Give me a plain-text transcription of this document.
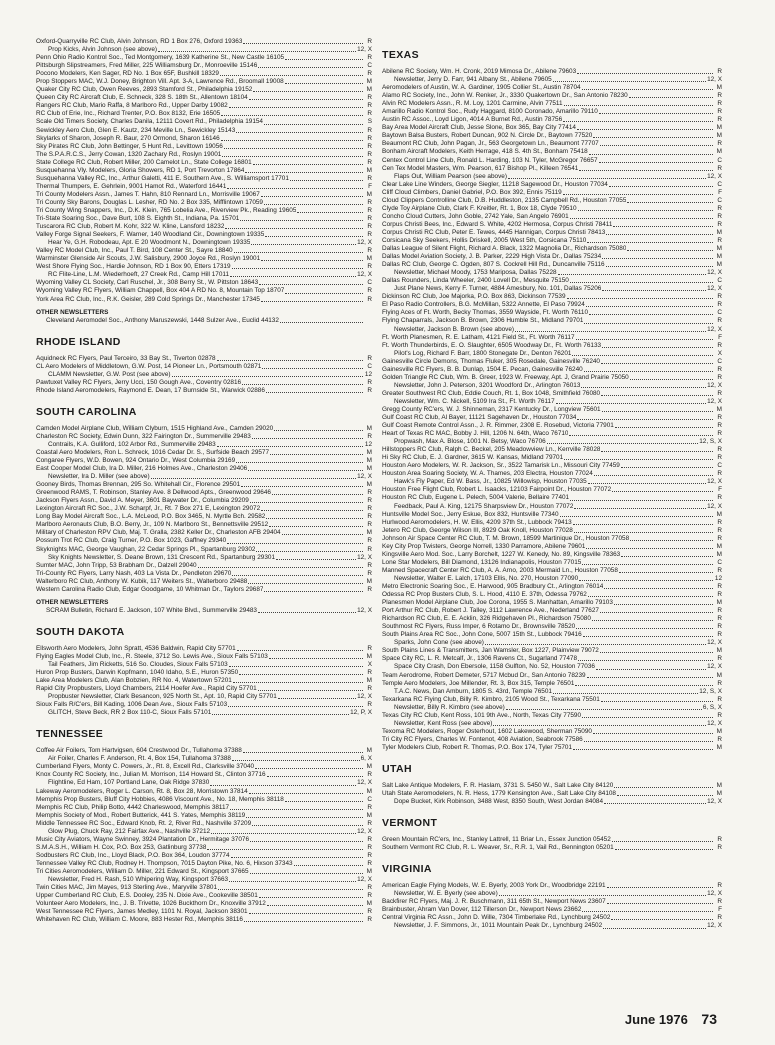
Oxford-Quarryville RC Club, Alvin Johnson, RD 1 Box 276, Oxford 19363	R
Prop Kicks, Alvin Johnson (see above)	12, X
Penn Ohio Radio Kontrol Soc., Ted Montgomery, 1639 Katherine St., New Castle 16105	R
Pittsburgh Slipstreamers, Fred Miller, 225 Williamsburg Dr., Monroeville 15146	C
Pocono Modelers, Ken Sager, RD No. 1 Box 65F, Bushkill 18329	R
Prop Stoppers MAC, W.J. Doney, Brighton Vill. Apt. 3-A, Lawrence Rd., Broomall 19008	M
Quaker City RC Club, Owen Reeves, 2893 Stamford St., Philadelphia 19152	M
Queen City RC Aircraft Club, E. Schneck, 328 S. 18th St., Allentown 18104	R
Rangers RC Club, Mario Raffa, 8 Marlboro Rd., Upper Darby 19082	R
RC Club of Erie, Inc., Richard Trenter, P.O. Box 8132, Erie 16505	R
Scale Old Timers Society, Charles Danila, 12111 Covert Rd., Philadelphia 19154	S
Sewickley Aero Club, Glen E. Kautz, 234 Meville Ln., Sewickley 15143	R
Skylarks of Sharon, Joseph R. Baur, 270 Ormond, Sharon 16146	R
Sky Pirates RC Club, John Bettinger, 5 Hunt Rd., Levittown 19056	R
The S.P.A.R.C.S., Jerry Cowan, 1320 Zachary Rd., Roslyn 19001	R
State College RC Club, Robert Miller, 200 Camelot Ln., State College 16801	R
Susquehanna Vly. Modelers, Gloria Showers, RD 1, Port Trevorton 17864	M
Susquehanna Valley RC, Inc., Arthur Galetti, 411 E. Southern Ave., S. Williamsport 17701	R
Thermal Thumpers, E. Gehrlein, 9001 Hamot Rd., Waterford 16441	F
Tri County Modelers Assn., James T. Hahn, 810 Rennard Ln., Morrisville 19067	M
Tri County Sky Barons, Douglas L. Lesher, RD No. 2 Box 335, Mifflintown 17059	R
Tri County Wing Snappers, Inc., D.K. Klein, 765 Lobelia Ave., Riverview Pk., Reading 19605	R
Tri-State Soaring Soc., Dave Burt, 108 S. Eighth St., Indiana, Pa. 15701	R
Tuscarora RC Club, Robert M. Kohr, 322 W. Kline, Lansford 18232	R
Valley Forge Signal Seekers, F. Warner, 140 Woodland Cir., Downingtown 19335	R
Hear Ye, G.H. Robodeau, Apt. E 20 Woodmont N., Downingtown 19335	12, X
Valley RC Model Club, Inc., Paul T. Bird, 108 Center St., Sayre 18840	R
Warminster Glenside Air Scouts, J.W. Salisbury, 2900 Joyce Rd., Roslyn 19001	M
West Shore Flying Soc., Hardie Johnson, RD 1 Box 90, Etters 17319	R
RC Flite-Line, L.M. Wiederhoeft, 27 Creek Rd., Camp Hill 17011	12, X
Wyoming Valley CL Society, Carl Ruschel, Jr., 308 Berry St., W. Pittston 18643	C
Wyoming Valley RC Flyers, William Chappell, Box 404 A RD No. 8, Mountain Top 18707	R
York Area RC Club, Inc., R.K. Geisler, 289 Cold Springs Dr., Manchester 17345	R
OTHER NEWSLETTERS
Cleveland Aeromodel Soc., Anthony Maruszewski, 1448 Sulzer Ave., Euclid 44132
RHODE ISLAND
Aquidneck RC Flyers, Paul Terceiro, 33 Bay St., Tiverton 02878	R
CL Aero Modelers of Middletown, G.W. Post, 14 Pioneer Ln., Portsmouth 02871	C
CLAMM Newsletter, G.W. Post (see above)	12
Pawtuxet Valley RC Flyers, Jerry Ucci, 150 Gough Ave., Coventry 02816	R
Rhode Island Aeromodelers, Raymond E. Dean, 17 Burnside St., Warwick 02886	R
SOUTH CAROLINA
Camden Model Airplane Club, William Clyburn, 1515 Highland Ave., Camden 29020	M
Charleston RC Society, Edwin Dunn, 322 Fairington Dr., Summerville 29483	R
Contrails, K.A. Gulliford, 102 Arbor Rd., Summerville 29483	12
Coastal Aero Modelers, Ron L. Schreck, 1016 Cedar Dr. S., Surfside Beach 29577	M
Congaree Flyers, W.D. Bowen, 924 Ontario Dr., West Columbia 29169	M
East Cooper Model Club, Ira D. Miller, 216 Holmes Ave., Charleston 29406	M
Newsletter, Ira D. Miller (see above)	12, X
Gooney Birds, Thomas Brennan, 295 So. Whitehall Cir., Florence 29501	M
Greenwood RAMS, T. Robinson, Stanley Ave. 8 Dellwood Apts., Greenwood 29646	R
Jackson Flyers Assn., David A. Meyer, 3601 Baywater Dr., Columbia 29209	R
Lexington Aircraft RC Soc., J.W. Scharpf, Jr., Rt. 7 Box 271 E, Lexington 29072	R
Long Bay Model Aircraft Soc., L.A. McLeod, P.O. Box 3465, N. Myrtle Bch. 29582	R
Marlboro Aeronauts Club, B.O. Berry, Jr., 109 N. Marlboro St., Bennettsville 29512	R
Military of Charleston RPV Club, Maj. T. Gralla, 2382 Keller Dr., Charleston AFB 29404	M
Possum Trot RC Club, Craig Turner, P.O. Box 1023, Gaffney 29340	R
Skyknights MAC, George Vaughan, 22 Cedar Springs Pl., Spartanburg 29302	R
Sky Knights Newsletter, S. Deane Brown, 131 Crescent Rd., Spartanburg 29301	12, X
Sumter MAC, John Tripp, 53 Brabham Dr., Dalzell 29040	R
Tri-County RC Flyers, Larry Nash, 403 La Vista Dr., Pendleton 29670	R
Walterboro RC Club, Anthony W. Kubik, 117 Weiters St., Walterboro 29488	M
Western Carolina Radio Club, Edgar Goodgame, 10 Whitman Dr., Taylors 29687	R
OTHER NEWSLETTERS
SCRAM Bulletin, Richard E. Jackson, 107 White Blvd., Summerville 29483	12, X
SOUTH DAKOTA
Ellsworth Aero Modelers, John Spratt, 4536 Baldwin, Rapid City 57701	R
Flying Eagles Model Club, Inc., R. Steele, 3712 So. Lewis Ave., Sioux Falls 57103	M
Tail Feathers, Jim Ricketts, 516 So. Cloudes, Sioux Falls 57103	X
Huron Prop Busters, Darwin Kopfmann, 1040 Idaho, S.E., Huron 57350	R
Lake Area Modelers Club, Alan Bobzien, RR No. 4, Watertown 57201	M
Rapid City Propbusters, Lloyd Chambers, 2114 Hoefer Ave., Rapid City 57701	R
Propbuster Newsletter, Clark Besancon, 925 North St., Apt. 10, Rapid City 57701	12, X
Sioux Falls R/C'ers, Bill Kading, 1006 Dean Ave., Sioux Falls 57103	R
GLITCH, Steve Beck, RR 2 Box 110-C, Sioux Falls 57101	12, P, X
TENNESSEE
Coffee Air Foilers, Tom Hartvigsen, 604 Crestwood Dr., Tullahoma 37388	M
Air Foiler, Charles F. Anderson, Rt. 4, Box 154, Tullahoma 37388	6, X
Cumberland Flyers, Monty C. Powers, Jr., Rt. 8, Excell Rd., Clarksville 37040	M
Knox County RC Society, Inc., Julian M. Morrison, 114 Howard St., Clinton 37716	R
Flightline, Ed Ham, 107 Portland Lane, Oak Ridge 37830	12, X
Lakeway Aeromodelers, Roger L. Carson, Rt. 8, Box 28, Morristown 37814	M
Memphis Prop Busters, Bluff City Hobbies, 4086 Viscount Ave., No. 18, Memphis 38118	C
Memphis RC Club, Philip Botto, 4442 Charleswood, Memphis 38117	R
Memphis Society of Mod., Robert Butterick, 441 S. Yates, Memphis 38119	M
Middle Tennessee RC Soc., Edward Knob, Rt. 2, River Rd., Nashville 37209	R
Glow Plug, Chuck Ray, 212 Fairfax Ave., Nashville 37212	12, X
Music City Aviators, Wayne Swinney, 3924 Plantation Dr., Hermitage 37076	R
S.M.A.S.H., William H. Cox, P.O. Box 253, Gatlinburg 37738	R
Sodbusters RC Club, Inc., Lloyd Black, P.O. Box 364, Loudon 37774	R
Tennessee Valley RC Club, Rodney H. Thompson, 7015 Dayton Pike, No. 6, Hixson 37343	R
Tri Cities Aeromodelers, William D. Miller, 221 Edward St., Kingsport 37665	M
Newsletter, Fred H. Rash, 510 Whipering Way, Kingsport 37663	12, X
Twin Cities MAC, Jim Mayes, 913 Sterling Ave., Maryville 37801	R
Upper Cumberland RC Club, E.S. Dooley, 235 N. Dixie Ave., Cookeville 38501	R
Volunteer Aero Modelers, Inc., J. B. Trivette, 1026 Buckthorn Dr., Knoxville 37912	M
West Tennessee RC Flyers, James Medley, 1101 N. Royal, Jackson 38301	R
Whitehaven RC Club, William C. Moore, 883 Hester Rd., Memphis 38116	R
TEXAS
Abilene RC Society, Wm. H. Cronk, 2019 Mimosa Dr., Abilene 79603	R
Newsletter, Jerry D. Farr, 941 Albany St., Abilene 79605	12, X
Aeromodelers of Austin, W. A. Gardiner, 1905 Collier St., Austin 78704	M
Alamo RC Society, Inc., John W. Renker, Jr., 3330 Quakertown Dr., San Antonio 78230	R
Alvin RC Modelers Assn., R. M. Loy, 1201 Carmine, Alvin 77511	R
Amarillo Radio Kontrol Soc., Rudy Haggard, 8100 Coronado, Amarillo 79110	R
Austin RC Assoc., Loyd Ligon, 4014 A Burnet Rd., Austin 78756	R
Bay Area Model Aircraft Club, Jesse Slone, Box 365, Bay City 77414	M
Baytown Balsa Busters, Robert Duncan, 902 N. Circle Dr., Baytown 77520	M
Beaumont RC Club, John Pagan, Jr., 563 Georgetown Ln., Beaumont 77707	R
Bonham Aircraft Modelers, Keith Herrage, 418 S. 4th St., Bonham 75418	M
Centex Control Line Club, Ronald L. Harding, 103 N. Tyler, McGregor 76657	C
Cen Tex Model Masters, Wm. Pearson, 617 Bishop Pl., Killeen 76541	R
Flaps Out, William Pearson (see above)	12, X
Clear Lake Line Winders, George Siegler, 11218 Sagewood Dr., Houston 77034	C
Cliff Cloud Climbers, Daniel Gabriel, P.O. Box 392, Ennis 75119	F
Cloud Clippers Controlline Club, D.B. Huddleston, 2135 Campbell Rd., Houston 77055	C
Clyde Toy Airplane Club, Clark F. Kreitler, Rt. 1, Box 18, Clyde 79510	R
Concho Cloud Cutters, John Goble, 2742 Yale, San Angelo 76901	R
Corpus Christi Bees, Inc., Edward S. White, 4202 Hermosa, Corpus Christi 78411	R
Corpus Christi RC Club, Peter E. Tewes, 4445 Hannigan, Corpus Christi 78413	M
Corsicana Sky Seekers, Hollis Driskell, 2005 West 5th, Corsicana 75110	R
Dallas League of Silent Flight, Richard A. Black, 1322 Magnolia Dr., Richardson 75080	M
Dallas Model Aviation Society, J. B. Parker, 2229 High Vista Dr., Dallas 75234	M
Dallas RC Club, George C. Ogden, 807 S. Cockrell Hill Rd., Duncanville 75116	M
Newsletter, Michael Moody, 1753 Mariposa, Dallas 75228	12, X
Dallas Rounders, Linda Wheeler, 2400 Lovell Dr., Mesquite 75150	C
Just Plane News, Kerry F. Turner, 4884 Amesbury, No. 101, Dallas 75206	12, X
Dickinson RC Club, Joe Majorka, P.O. Box 863, Dickinson 77539	R
El Paso Radio Controllers, B.G. McMillan, 5322 Annette, El Paso 79924	R
Flying Aces of Ft. Worth, Becky Thomas, 3559 Wayside, Ft. Worth 76110	C
Flying Chaparrals, Jackson B. Brown, 2306 Humble St., Midland 79701	R
Newsletter, Jackson B. Brown (see above)	12, X
Ft. Worth Planesmen, R. E. Latham, 4121 Field St., Ft. Worth 76117	F
Ft. Worth Thunderbirds, E. O. Slaughter, 6505 Woodway Dr., Ft. Worth 76133	R
Pilot's Log, Richard F. Barr, 1800 Stonegate Dr., Denton 76201	X
Gainesville Circle Demons, Thomas Fluker, 305 Rosedale, Gainesville 76240	C
Gainesville RC Flyers, B. B. Dunlap, 1504 E. Pecan, Gainesville 76240	R
Golden Triangle RC Club, Wm. B. Greer, 1923 W. Freeway, Apt. J, Grand Prairie 75050	R
Newsletter, John J. Peterson, 3201 Woodford Dr., Arlington 76013	12, X
Greater Southwest RC Club, Eddie Couch, Rt. 1, Box 1048, Smithfield 76080	R
Newsletter, Wm. C. Nickell, 5109 Ira St., Ft. Worth 76117	12, X
Gregg County RC'ers, W. J. Shinneman, 2317 Kentucky Dr., Longview 75601	M
Gulf Coast RC Club, Al Bayer, 11121 Sagehaven Dr., Houston 77034	R
Gulf Coast Remote Control Assn., J. R. Rimmer, 2308 E. Rosebud, Victoria 77901	R
Heart of Texas RC MAC, Bobby J. Hill, 1206 N. 64th, Waco 76710	R
Propwash, Max A. Blose, 1001 N. Betsy, Waco 76706	12, S, X
Hillstoppers RC Club, Ralph C. Beckel, 205 Meadowview Ln., Kerrville 78028	R
Hi Sky RC Club, E. J. Gardner, 3615 W. Kansas, Midland 79701	R
Houston Aero Modelers, W. R. Jackson, Sr., 3522 Tamarisk Ln., Missouri City 77459	C
Houston Area Soaring Society, W. A. Thames, 203 Electra, Houston 77024	R
Hawk's Fly Paper, Ed W. Bass, Jr., 10825 Willowisp, Houston 77035	12, X
Houston Free Flight Club, Robert L. Isaacks, 12103 Fairpoint Dr., Houston 77072	F
Houston RC Club, Eugene L. Pelech, 5004 Valerie, Bellaire 77401	R
Feedback, Paul A. King, 12175 Sharpsview Dr., Houston 77072	12, X
Huntsville Model Soc., Jerry Eskue, Box 832, Huntsville 77340	M
Hurlwood Aeromodelers, H. W. Ellis, 4209 37th St., Lubbock 79413	R
Jetero RC Club, George Wilson III, 8929 Oak Knoll, Houston 77028	R
Johnson Air Space Center RC Club, T. M. Brown, 18599 Martinique Dr., Houston 77058	R
Key City Prop Twisters, George Norrell, 1330 Parramore, Abilene 79601	M
Kingsville Aero Mod. Soc., Larry Borchelt, 1227 W. Kenedy, No. 89, Kingsville 78363	M
Lone Star Modelers, Bill Diamond, 13126 Indianapolis, Houston 77015	C
Manned Spacecraft Center RC Club, A. A. Arno, 2003 Mermaid Ln., Houston 77058	R
Newsletter, Walter E. Lalch, 17103 Ellis, No. 270, Houston 77090	12
Metro Electronic Soaring Soc., E. Harwood, 905 Bradbury Ct., Arlington 76014	R
Odessa RC Prop Busters Club, S. L. Hood, 4110 E. 37th, Odessa 79762	R
Planesmen Model Airplane Club, Joe Corona, 1955 S. Manhattan, Amarillo 79103	M
Port Arthur RC Club, Robert J. Talley, 3112 Lawrence Ave., Nederland 77627	R
Richardson RC Club, E. E. Acklin, 326 Ridgehaven Pl., Richardson 75080	R
Southmost RC Flyers, Russ Imper, 6 Rotamo Dr., Brownsville 78520	R
South Plains Area RC Soc., John Cone, 5007 15th St., Lubbock 79416	R
Sparks, John Cone (see above)	12, X
South Plains Lines & Transmitters, Jan Wamsler, Box 1227, Plainview 79072	M
Space City RC, L. R. Metcalf, Jr., 1306 Ravens Ct., Sugarland 77478	R
Space City Crash, Don Ebersole, 1158 Gulfton, No. 52, Houston 77036	12, X
Team Aerodrome, Robert Demeter, 5717 Mcbud Dr., San Antonio 78239	M
Temple Aero Modelers, Joe Millender, Rt. 3, Box 315, Temple 76501	R
T.A.C. News, Dan Amburn, 1805 S. 43rd, Temple 76501	12, S, X
Texarkana RC Flying Club, Billy R. Kimbro, 2105 Wood St., Texarkana 75501	R
Newsletter, Billy R. Kimbro (see above)	6, S, X
Texas City RC Club, Kent Ross, 101 9th Ave., North, Texas City 77590	R
Newsletter, Kent Ross (see above)	12, X
Texoma RC Modelers, Roger Osterhout, 1602 Lakewood, Sherman 75090	M
Tri City RC Flyers, Charles W. Fontenot, 408 Aviation, Seabrook 77586	R
Tyler Modelers Club, Robert R. Thomas, P.O. Box 174, Tyler 75701	M
UTAH
Salt Lake Antique Modelers, F. R. Haslam, 3731 S. 5450 W., Salt Lake City 84120	M
Utah State Aeromodelers, N. R. Hess, 1779 Kensington Ave., Salt Lake City 84108	M
Dope Bucket, Kirk Robinson, 3488 West, 8350 South, West Jordan 84084	12, X
VERMONT
Green Mountain RC'ers, Inc., Stanley Lattrell, 11 Briar Ln., Essex Junction 05452	R
Southern Vermont RC Club, R. L. Weaver, Sr., R.R. 1, Vail Rd., Bennington 05201	R
VIRGINIA
American Eagle Flying Models, W. E. Byerly, 2003 York Dr., Woodbridge 22191	R
Newsletter, W. E. Byerly (see above)	12, X
Backfirer RC Flyers, Maj. J. R. Buschmann, 311 65th St., Newport News 23607	R
Brainbuster, Ahram Van Dover, 112 Tillerson Dr., Newport News 23662	F
Central Virginia RC Assn., John D. Wille, 7304 Timberlake Rd., Lynchburg 24502	R
Newsletter, J. F. Simmons, Jr., 1011 Mountain Peak Dr., Lynchburg 24502	12, X
June 1976 73
